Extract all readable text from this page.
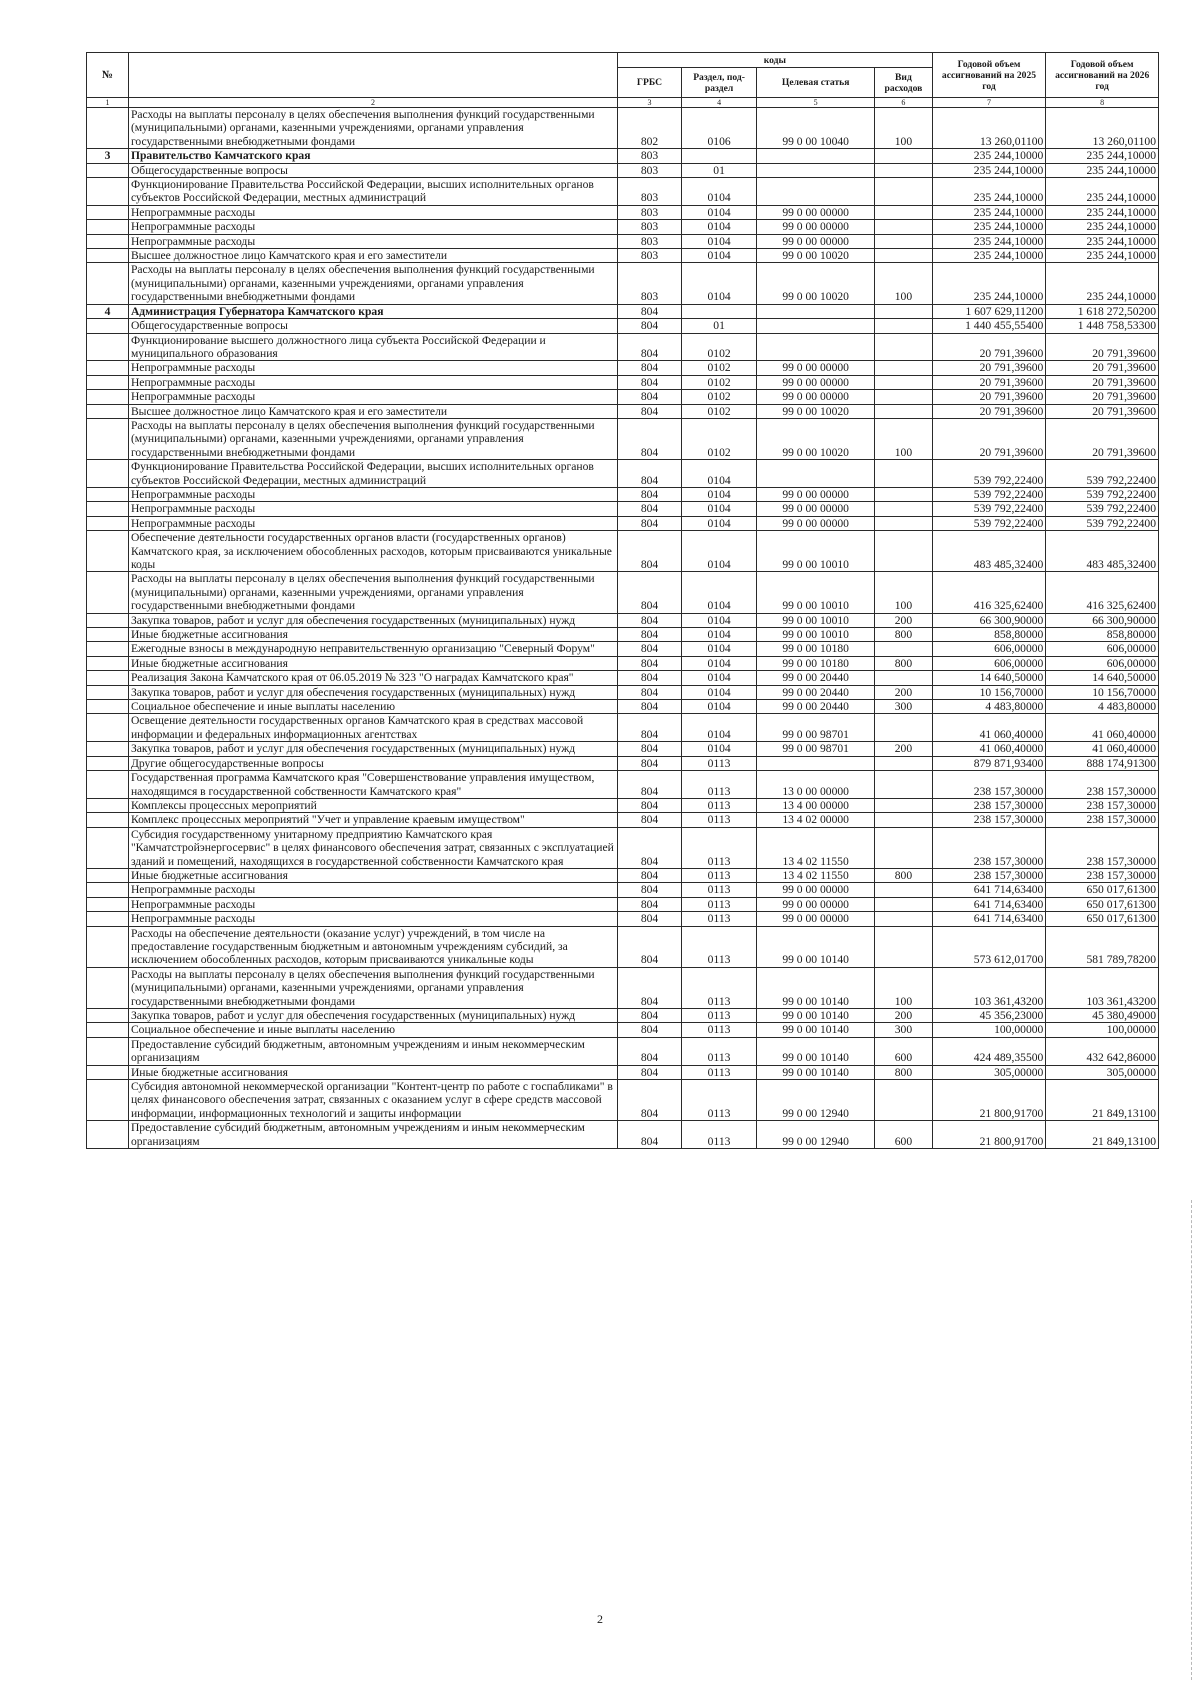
№		коды				Годовой объем ассигнований на 2025 год	Годовой объем ассигнований на 2026 год
		ГРБС	Раздел, под-раздел	Целевая статья	Вид расходов		
1	2	3	4	5	6	7	8
	Расходы на выплаты персоналу в целях обеспечения выполнения функций государственными (муниципальными) органами, казенными учреждениями, органами управления государственными внебюджетными фондами	802	0106	99 0 00 10040	100	13 260,01100	13 260,01100
3	Правительство Камчатского края	803				235 244,10000	235 244,10000
	Общегосударственные вопросы	803	01			235 244,10000	235 244,10000
	Функционирование Правительства Российской Федерации, высших исполнительных органов субъектов Российской Федерации, местных администраций	803	0104			235 244,10000	235 244,10000
	Непрограммные расходы	803	0104	99 0 00 00000		235 244,10000	235 244,10000
	Непрограммные расходы	803	0104	99 0 00 00000		235 244,10000	235 244,10000
	Непрограммные расходы	803	0104	99 0 00 00000		235 244,10000	235 244,10000
	Высшее должностное лицо Камчатского края и его заместители	803	0104	99 0 00 10020		235 244,10000	235 244,10000
	Расходы на выплаты персоналу в целях обеспечения выполнения функций государственными (муниципальными) органами, казенными учреждениями, органами управления государственными внебюджетными фондами	803	0104	99 0 00 10020	100	235 244,10000	235 244,10000
4	Администрация Губернатора Камчатского края	804				1 607 629,11200	1 618 272,50200
	Общегосударственные вопросы	804	01			1 440 455,55400	1 448 758,53300
	Функционирование высшего должностного лица субъекта Российской Федерации и муниципального образования	804	0102			20 791,39600	20 791,39600
	Непрограммные расходы	804	0102	99 0 00 00000		20 791,39600	20 791,39600
	Непрограммные расходы	804	0102	99 0 00 00000		20 791,39600	20 791,39600
	Непрограммные расходы	804	0102	99 0 00 00000		20 791,39600	20 791,39600
	Высшее должностное лицо Камчатского края и его заместители	804	0102	99 0 00 10020		20 791,39600	20 791,39600
	Расходы на выплаты персоналу в целях обеспечения выполнения функций государственными (муниципальными) органами, казенными учреждениями, органами управления государственными внебюджетными фондами	804	0102	99 0 00 10020	100	20 791,39600	20 791,39600
	Функционирование Правительства Российской Федерации, высших исполнительных органов субъектов Российской Федерации, местных администраций	804	0104			539 792,22400	539 792,22400
	Непрограммные расходы	804	0104	99 0 00 00000		539 792,22400	539 792,22400
	Непрограммные расходы	804	0104	99 0 00 00000		539 792,22400	539 792,22400
	Непрограммные расходы	804	0104	99 0 00 00000		539 792,22400	539 792,22400
	Обеспечение деятельности государственных органов власти (государственных органов) Камчатского края, за исключением обособленных расходов, которым присваиваются уникальные коды	804	0104	99 0 00 10010		483 485,32400	483 485,32400
	Расходы на выплаты персоналу в целях обеспечения выполнения функций государственными (муниципальными) органами, казенными учреждениями, органами управления государственными внебюджетными фондами	804	0104	99 0 00 10010	100	416 325,62400	416 325,62400
	Закупка товаров, работ и услуг для обеспечения государственных (муниципальных) нужд	804	0104	99 0 00 10010	200	66 300,90000	66 300,90000
	Иные бюджетные ассигнования	804	0104	99 0 00 10010	800	858,80000	858,80000
	Ежегодные взносы в международную неправительственную организацию "Северный Форум"	804	0104	99 0 00 10180		606,00000	606,00000
	Иные бюджетные ассигнования	804	0104	99 0 00 10180	800	606,00000	606,00000
	Реализация Закона Камчатского края от 06.05.2019 № 323 "О наградах Камчатского края"	804	0104	99 0 00 20440		14 640,50000	14 640,50000
	Закупка товаров, работ и услуг для обеспечения государственных (муниципальных) нужд	804	0104	99 0 00 20440	200	10 156,70000	10 156,70000
	Социальное обеспечение и иные выплаты населению	804	0104	99 0 00 20440	300	4 483,80000	4 483,80000
	Освещение деятельности государственных органов Камчатского края в средствах массовой информации и федеральных информационных агентствах	804	0104	99 0 00 98701		41 060,40000	41 060,40000
	Закупка товаров, работ и услуг для обеспечения государственных (муниципальных) нужд	804	0104	99 0 00 98701	200	41 060,40000	41 060,40000
	Другие общегосударственные вопросы	804	0113			879 871,93400	888 174,91300
	Государственная программа Камчатского края "Совершенствование управления имуществом, находящимся в государственной собственности Камчатского края"	804	0113	13 0 00 00000		238 157,30000	238 157,30000
	Комплексы процессных мероприятий	804	0113	13 4 00 00000		238 157,30000	238 157,30000
	Комплекс процессных мероприятий "Учет и управление краевым имуществом"	804	0113	13 4 02 00000		238 157,30000	238 157,30000
	Субсидия государственному унитарному предприятию Камчатского края "Камчатстройэнергосервис" в целях финансового обеспечения затрат, связанных с эксплуатацией зданий и помещений, находящихся в государственной собственности Камчатского края	804	0113	13 4 02 11550		238 157,30000	238 157,30000
	Иные бюджетные ассигнования	804	0113	13 4 02 11550	800	238 157,30000	238 157,30000
	Непрограммные расходы	804	0113	99 0 00 00000		641 714,63400	650 017,61300
	Непрограммные расходы	804	0113	99 0 00 00000		641 714,63400	650 017,61300
	Непрограммные расходы	804	0113	99 0 00 00000		641 714,63400	650 017,61300
	Расходы на обеспечение деятельности (оказание услуг) учреждений, в том числе на предоставление государственным бюджетным и автономным учреждениям субсидий, за исключением обособленных расходов, которым присваиваются уникальные коды	804	0113	99 0 00 10140		573 612,01700	581 789,78200
	Расходы на выплаты персоналу в целях обеспечения выполнения функций государственными (муниципальными) органами, казенными учреждениями, органами управления государственными внебюджетными фондами	804	0113	99 0 00 10140	100	103 361,43200	103 361,43200
	Закупка товаров, работ и услуг для обеспечения государственных (муниципальных) нужд	804	0113	99 0 00 10140	200	45 356,23000	45 380,49000
	Социальное обеспечение и иные выплаты населению	804	0113	99 0 00 10140	300	100,00000	100,00000
	Предоставление субсидий бюджетным, автономным учреждениям и иным некоммерческим организациям	804	0113	99 0 00 10140	600	424 489,35500	432 642,86000
	Иные бюджетные ассигнования	804	0113	99 0 00 10140	800	305,00000	305,00000
	Субсидия автономной некоммерческой организации "Контент-центр по работе с госпабликами" в целях финансового обеспечения затрат, связанных с оказанием услуг в сфере средств массовой информации, информационных технологий и защиты информации	804	0113	99 0 00 12940		21 800,91700	21 849,13100
	Предоставление субсидий бюджетным, автономным учреждениям и иным некоммерческим организациям	804	0113	99 0 00 12940	600	21 800,91700	21 849,13100
2
